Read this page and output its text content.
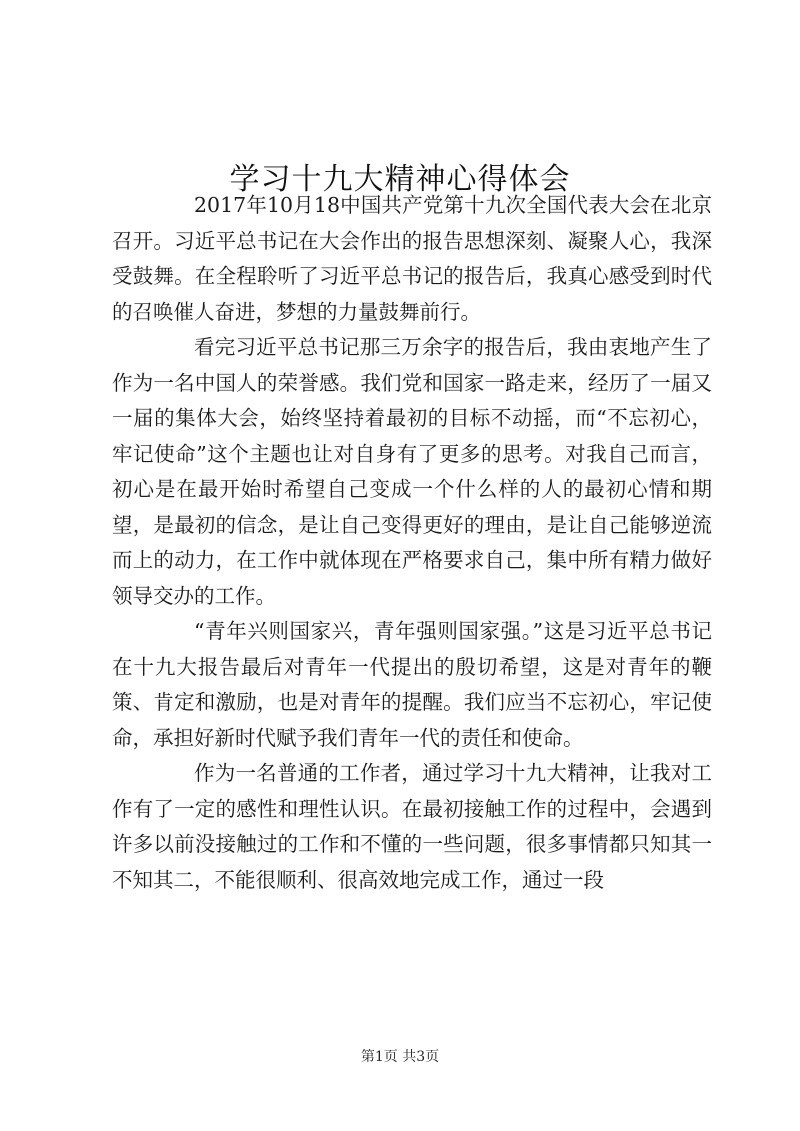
学习十九大精神心得体会

2017年10月18中国共产党第十九次全国代表大会在北京召开。习近平总书记在大会作出的报告思想深刻、凝聚人心，我深受鼓舞。在全程聆听了习近平总书记的报告后，我真心感受到时代的召唤催人奋进，梦想的力量鼓舞前行。

看完习近平总书记那三万余字的报告后，我由衷地产生了作为一名中国人的荣誉感。我们党和国家一路走来，经历了一届又一届的集体大会，始终坚持着最初的目标不动摇，而“不忘初心，牢记使命”这个主题也让对自身有了更多的思考。对我自己而言，初心是在最开始时希望自己变成一个什么样的人的最初心情和期望，是最初的信念，是让自己变得更好的理由，是让自己能够逆流而上的动力，在工作中就体现在严格要求自己，集中所有精力做好领导交办的工作。

“青年兴则国家兴，青年强则国家强。”这是习近平总书记在十九大报告最后对青年一代提出的殷切希望，这是对青年的鞭策、肯定和激励，也是对青年的提醒。我们应当不忘初心，牢记使命，承担好新时代赋予我们青年一代的责任和使命。

作为一名普通的工作者，通过学习十九大精神，让我对工作有了一定的感性和理性认识。在最初接触工作的过程中，会遇到许多以前没接触过的工作和不懂的一些问题，很多事情都只知其一不知其二，不能很顺利、很高效地完成工作，通过一段

第1页 共3页
